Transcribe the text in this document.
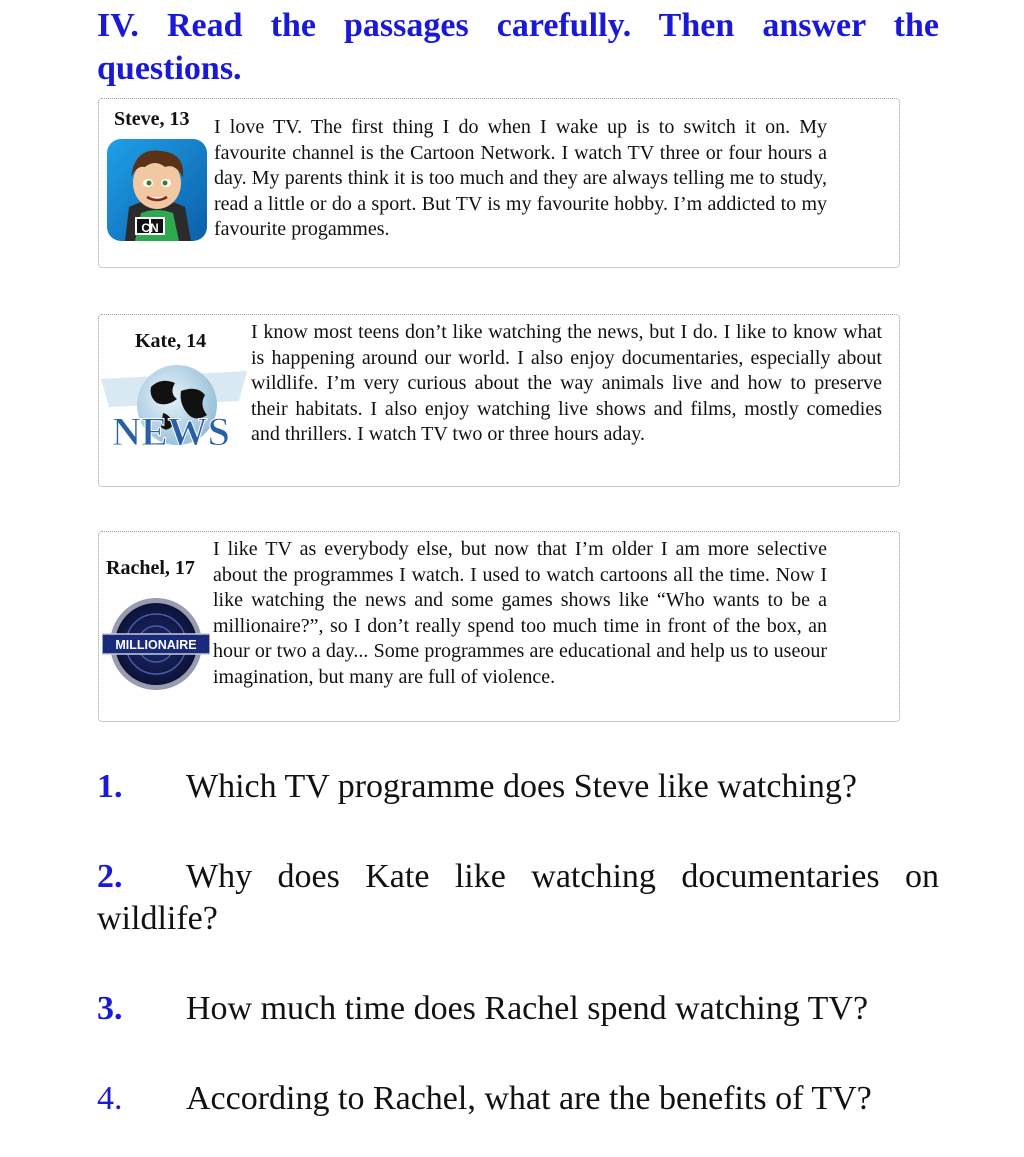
IV. Read the passages carefully. Then answer the questions.
Steve, 13
CN
I love TV. The first thing I do when I wake up is to switch it on. My favourite channel is the Cartoon Network. I watch TV three or four hours a day. My parents think it is too much and they are always telling me to study, read a little or do a sport. But TV is my favourite hobby. I’m addicted to my favourite progammes.
Kate, 14
NEWS
I know most teens don’t like watching the news, but I do. I like to know what is happening around our world. I also enjoy documentaries, especially about wildlife. I’m very curious about the way animals live and how to preserve their habitats. I also enjoy watching live shows and films, mostly comedies and thrillers. I watch TV two or three hours aday.
Rachel, 17
MILLIONAIRE
I like TV as everybody else, but now that I’m older I am more selective about the programmes I watch. I used to watch cartoons all the time. Now I like watching the news and some games shows like “Who wants to be a millionaire?”, so I don’t really spend too much time in front of the box, an hour or two a day... Some programmes are educational and help us to useour imagination, but many are full of violence.
1. Which TV programme does Steve like watching?
2. Why does Kate like watching documentaries on wildlife?
3. How much time does Rachel spend watching TV?
4. According to Rachel, what are the benefits of TV?
